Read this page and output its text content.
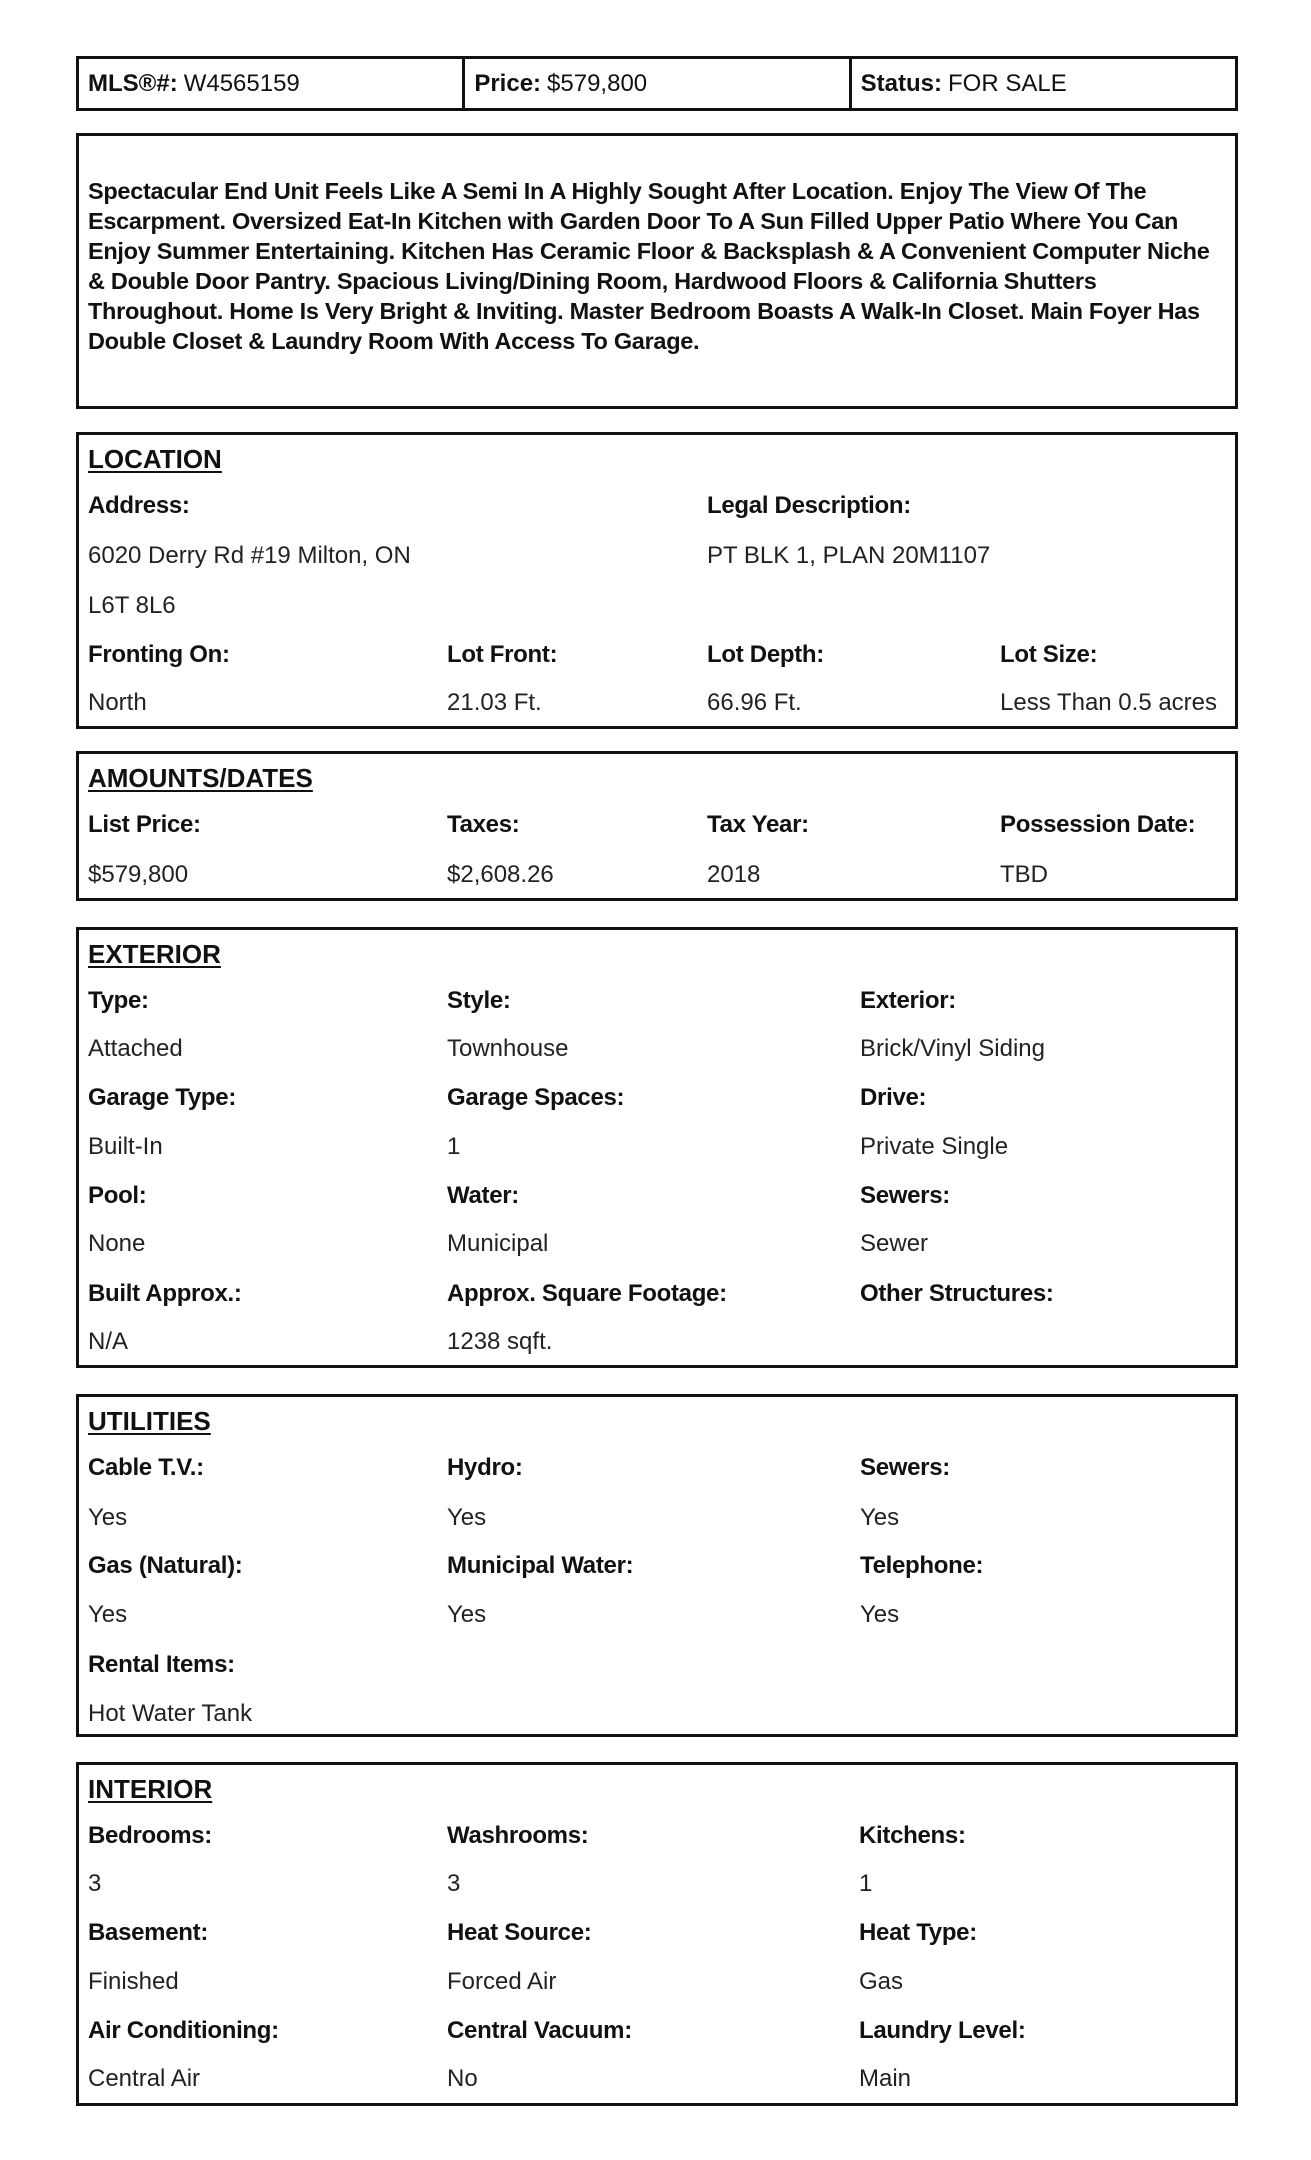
MLS®#: W4565159	Price: $579,800	Status: FOR SALE
Spectacular End Unit Feels Like A Semi In A Highly Sought After Location. Enjoy The View Of The Escarpment. Oversized Eat-In Kitchen with Garden Door To A Sun Filled Upper Patio Where You Can Enjoy Summer Entertaining. Kitchen Has Ceramic Floor & Backsplash & A Convenient Computer Niche & Double Door Pantry. Spacious Living/Dining Room, Hardwood Floors & California Shutters Throughout. Home Is Very Bright & Inviting. Master Bedroom Boasts A Walk-In Closet. Main Foyer Has Double Closet & Laundry Room With Access To Garage.
LOCATION
Address:	Legal Description:
6020 Derry Rd #19 Milton, ON	PT BLK 1, PLAN 20M1107
L6T 8L6
Fronting On:	Lot Front:	Lot Depth:	Lot Size:
North	21.03 Ft.	66.96 Ft.	Less Than 0.5 acres
AMOUNTS/DATES
List Price:	Taxes:	Tax Year:	Possession Date:
$579,800	$2,608.26	2018	TBD
EXTERIOR
Type:	Style:	Exterior:
Attached	Townhouse	Brick/Vinyl Siding
Garage Type:	Garage Spaces:	Drive:
Built-In	1	Private Single
Pool:	Water:	Sewers:
None	Municipal	Sewer
Built Approx.:	Approx. Square Footage:	Other Structures:
N/A	1238 sqft.
UTILITIES
Cable T.V.:	Hydro:	Sewers:
Yes	Yes	Yes
Gas (Natural):	Municipal Water:	Telephone:
Yes	Yes	Yes
Rental Items:
Hot Water Tank
INTERIOR
Bedrooms:	Washrooms:	Kitchens:
3	3	1
Basement:	Heat Source:	Heat Type:
Finished	Forced Air	Gas
Air Conditioning:	Central Vacuum:	Laundry Level:
Central Air	No	Main
